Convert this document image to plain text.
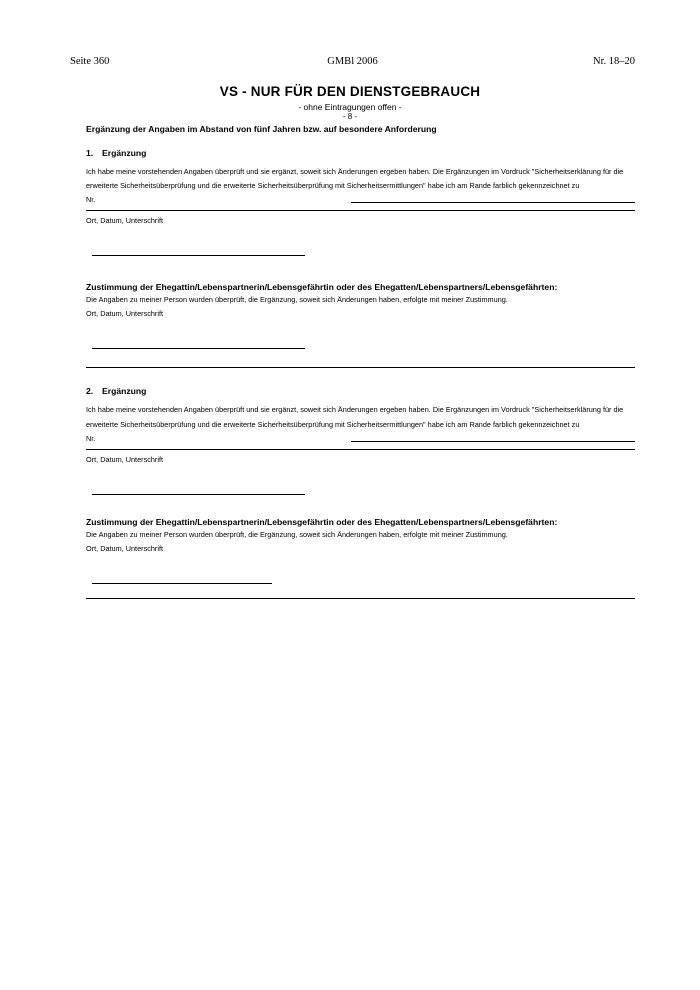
Seite 360	GMBl 2006	Nr. 18–20
VS - NUR FÜR DEN DIENSTGEBRAUCH
- ohne Eintragungen offen -
- 8 -

Ergänzung der Angaben im Abstand von fünf Jahren bzw. auf besondere Anforderung

1. Ergänzung

Ich habe meine vorstehenden Angaben überprüft und sie ergänzt, soweit sich Änderungen ergeben haben. Die Ergänzungen im Vordruck "Sicherheitserklärung für die erweiterte Sicherheitsüberprüfung und die erweiterte Sicherheitsüberprüfung mit Sicherheitsermittlungen" habe ich am Rande farblich gekennzeichnet zu

Nr.

Ort, Datum, Unterschrift

Zustimmung der Ehegattin/Lebenspartnerin/Lebensgefährtin oder des Ehegatten/Lebenspartners/Lebensgefährten:

Die Angaben zu meiner Person wurden überprüft, die Ergänzung, soweit sich Änderungen haben, erfolgte mit meiner Zustimmung.

Ort, Datum, Unterschrift

2. Ergänzung

Ich habe meine vorstehenden Angaben überprüft und sie ergänzt, soweit sich Änderungen ergeben haben. Die Ergänzungen im Vordruck "Sicherheitserklärung für die erweiterte Sicherheitsüberprüfung und die erweiterte Sicherheitsüberprüfung mit Sicherheitsermittlungen" habe ich am Rande farblich gekennzeichnet zu

Nr.

Ort, Datum, Unterschrift

Zustimmung der Ehegattin/Lebenspartnerin/Lebensgefährtin oder des Ehegatten/Lebenspartners/Lebensgefährten:

Die Angaben zu meiner Person wurden überprüft, die Ergänzung, soweit sich Änderungen haben, erfolgte mit meiner Zustimmung.

Ort, Datum, Unterschrift
